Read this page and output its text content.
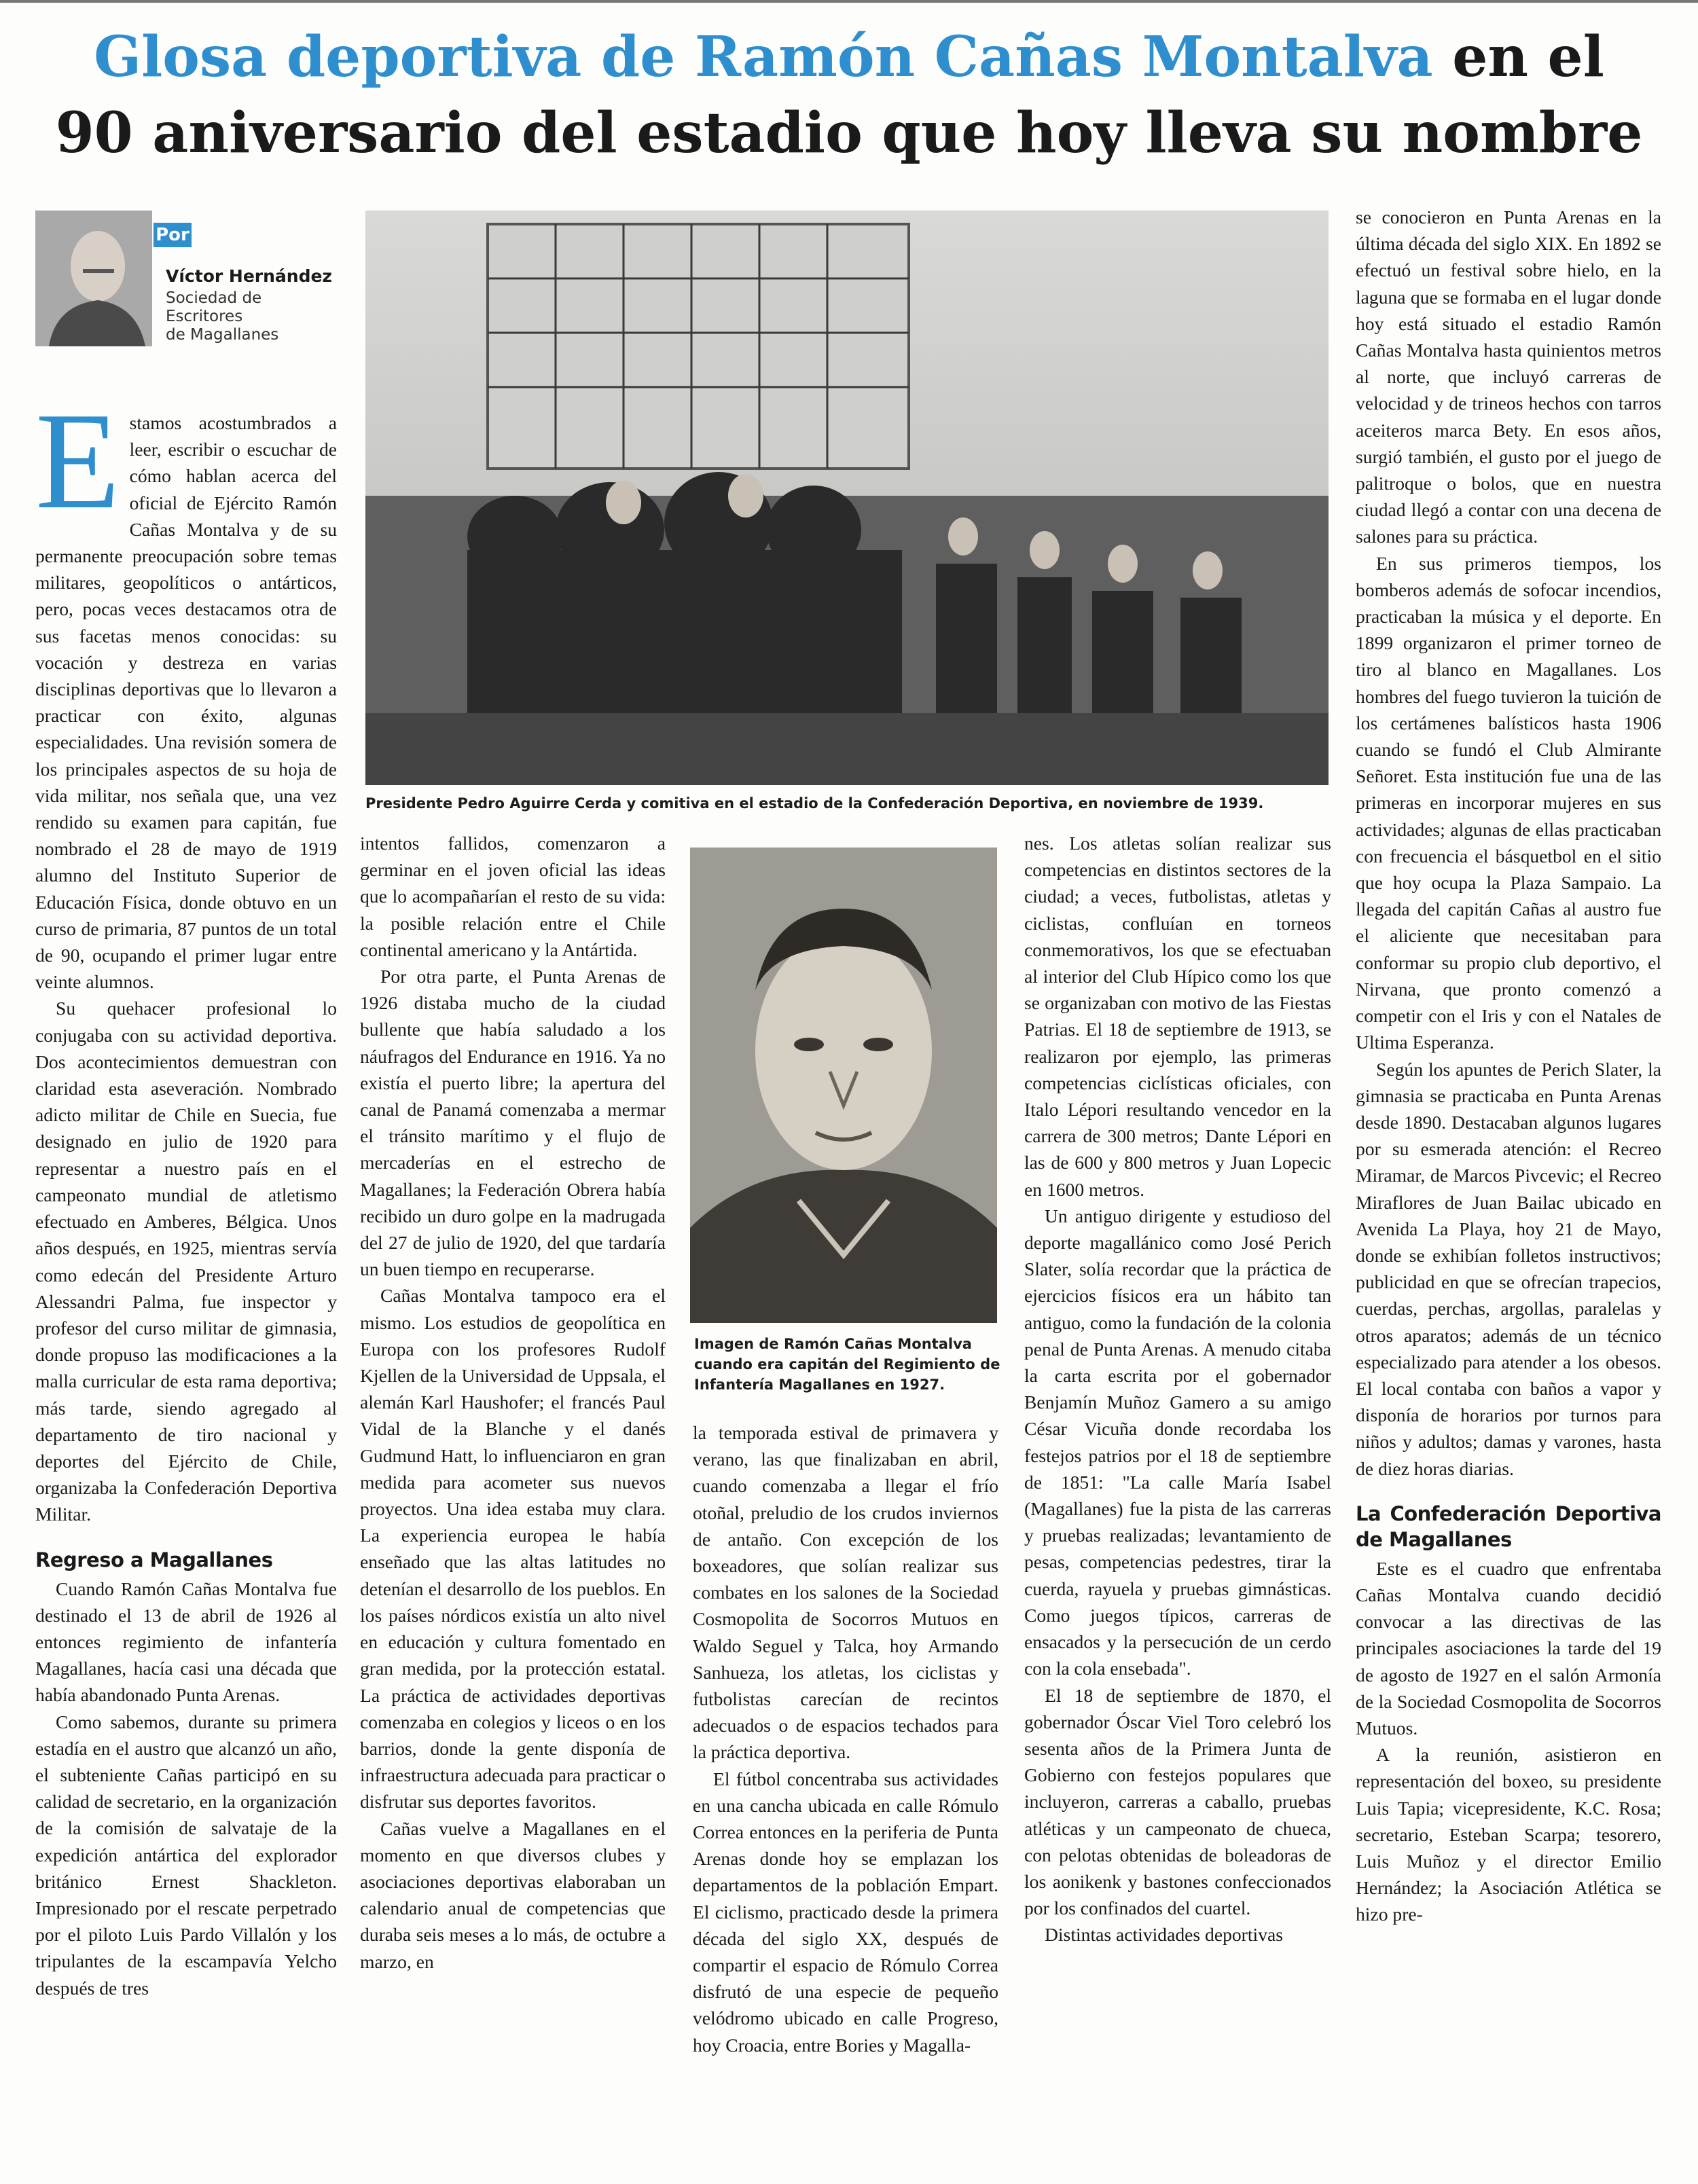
Glosa deportiva de Ramón Cañas Montalva en el
90 aniversario del estadio que hoy lleva su nombre
Por
Víctor Hernández
Sociedad de
Escritores
de Magallanes
Presidente Pedro Aguirre Cerda y comitiva en el estadio de la Confederación Deportiva, en noviembre de 1939.
Imagen de Ramón Cañas Montalva cuando era capitán del Regimiento de Infantería Magallanes en 1927.
E stamos acostumbrados a leer, escribir o escuchar de cómo hablan acerca del oficial de Ejército Ramón Cañas Montalva y de su permanente preocupación sobre temas militares, geopolíticos o antárticos, pero, pocas veces destacamos otra de sus facetas menos conocidas: su vocación y destreza en varias disciplinas deportivas que lo llevaron a practicar con éxito, algunas especialidades. Una revisión somera de los principales aspectos de su hoja de vida militar, nos señala que, una vez rendido su examen para capitán, fue nombrado el 28 de mayo de 1919 alumno del Instituto Superior de Educación Física, donde obtuvo en un curso de primaria, 87 puntos de un total de 90, ocupando el primer lugar entre veinte alumnos.

Su quehacer profesional lo conjugaba con su actividad deportiva. Dos acontecimientos demuestran con claridad esta aseveración. Nombrado adicto militar de Chile en Suecia, fue designado en julio de 1920 para representar a nuestro país en el campeonato mundial de atletismo efectuado en Amberes, Bélgica. Unos años después, en 1925, mientras servía como edecán del Presidente Arturo Alessandri Palma, fue inspector y profesor del curso militar de gimnasia, donde propuso las modificaciones a la malla curricular de esta rama deportiva; más tarde, siendo agregado al departamento de tiro nacional y deportes del Ejército de Chile, organizaba la Confederación Deportiva Militar.

Regreso a Magallanes

Cuando Ramón Cañas Montalva fue destinado el 13 de abril de 1926 al entonces regimiento de infantería Magallanes, hacía casi una década que había abandonado Punta Arenas.

Como sabemos, durante su primera estadía en el austro que alcanzó un año, el subteniente Cañas participó en su calidad de secretario, en la organización de la comisión de salvataje de la expedición antártica del explorador británico Ernest Shackleton. Impresionado por el rescate perpetrado por el piloto Luis Pardo Villalón y los tripulantes de la escampavía Yelcho después de tres

intentos fallidos, comenzaron a germinar en el joven oficial las ideas que lo acompañarían el resto de su vida: la posible relación entre el Chile continental americano y la Antártida.

Por otra parte, el Punta Arenas de 1926 distaba mucho de la ciudad bullente que había saludado a los náufragos del Endurance en 1916. Ya no existía el puerto libre; la apertura del canal de Panamá comenzaba a mermar el tránsito marítimo y el flujo de mercaderías en el estrecho de Magallanes; la Federación Obrera había recibido un duro golpe en la madrugada del 27 de julio de 1920, del que tardaría un buen tiempo en recuperarse.

Cañas Montalva tampoco era el mismo. Los estudios de geopolítica en Europa con los profesores Rudolf Kjellen de la Universidad de Uppsala, el alemán Karl Haushofer; el francés Paul Vidal de la Blanche y el danés Gudmund Hatt, lo influenciaron en gran medida para acometer sus nuevos proyectos. Una idea estaba muy clara. La experiencia europea le había enseñado que las altas latitudes no detenían el desarrollo de los pueblos. En los países nórdicos existía un alto nivel en educación y cultura fomentado en gran medida, por la protección estatal. La práctica de actividades deportivas comenzaba en colegios y liceos o en los barrios, donde la gente disponía de infraestructura adecuada para practicar o disfrutar sus deportes favoritos.

Cañas vuelve a Magallanes en el momento en que diversos clubes y asociaciones deportivas elaboraban un calendario anual de competencias que duraba seis meses a lo más, de octubre a marzo, en

la temporada estival de primavera y verano, las que finalizaban en abril, cuando comenzaba a llegar el frío otoñal, preludio de los crudos inviernos de antaño. Con excepción de los boxeadores, que solían realizar sus combates en los salones de la Sociedad Cosmopolita de Socorros Mutuos en Waldo Seguel y Talca, hoy Armando Sanhueza, los atletas, los ciclistas y futbolistas carecían de recintos adecuados o de espacios techados para la práctica deportiva.

El fútbol concentraba sus actividades en una cancha ubicada en calle Rómulo Correa entonces en la periferia de Punta Arenas donde hoy se emplazan los departamentos de la población Empart. El ciclismo, practicado desde la primera década del siglo XX, después de compartir el espacio de Rómulo Correa disfrutó de una especie de pequeño velódromo ubicado en calle Progreso, hoy Croacia, entre Bories y Magalla-

nes. Los atletas solían realizar sus competencias en distintos sectores de la ciudad; a veces, futbolistas, atletas y ciclistas, confluían en torneos conmemorativos, los que se efectuaban al interior del Club Hípico como los que se organizaban con motivo de las Fiestas Patrias. El 18 de septiembre de 1913, se realizaron por ejemplo, las primeras competencias ciclísticas oficiales, con Italo Lépori resultando vencedor en la carrera de 300 metros; Dante Lépori en las de 600 y 800 metros y Juan Lopecic en 1600 metros.

Un antiguo dirigente y estudioso del deporte magallánico como José Perich Slater, solía recordar que la práctica de ejercicios físicos era un hábito tan antiguo, como la fundación de la colonia penal de Punta Arenas. A menudo citaba la carta escrita por el gobernador Benjamín Muñoz Gamero a su amigo César Vicuña donde recordaba los festejos patrios por el 18 de septiembre de 1851: "La calle María Isabel (Magallanes) fue la pista de las carreras y pruebas realizadas; levantamiento de pesas, competencias pedestres, tirar la cuerda, rayuela y pruebas gimnásticas. Como juegos típicos, carreras de ensacados y la persecución de un cerdo con la cola ensebada".

El 18 de septiembre de 1870, el gobernador Óscar Viel Toro celebró los sesenta años de la Primera Junta de Gobierno con festejos populares que incluyeron, carreras a caballo, pruebas atléticas y un campeonato de chueca, con pelotas obtenidas de boleadoras de los aonikenk y bastones confeccionados por los confinados del cuartel.

Distintas actividades deportivas

se conocieron en Punta Arenas en la última década del siglo XIX. En 1892 se efectuó un festival sobre hielo, en la laguna que se formaba en el lugar donde hoy está situado el estadio Ramón Cañas Montalva hasta quinientos metros al norte, que incluyó carreras de velocidad y de trineos hechos con tarros aceiteros marca Bety. En esos años, surgió también, el gusto por el juego de palitroque o bolos, que en nuestra ciudad llegó a contar con una decena de salones para su práctica.

En sus primeros tiempos, los bomberos además de sofocar incendios, practicaban la música y el deporte. En 1899 organizaron el primer torneo de tiro al blanco en Magallanes. Los hombres del fuego tuvieron la tuición de los certámenes balísticos hasta 1906 cuando se fundó el Club Almirante Señoret. Esta institución fue una de las primeras en incorporar mujeres en sus actividades; algunas de ellas practicaban con frecuencia el básquetbol en el sitio que hoy ocupa la Plaza Sampaio. La llegada del capitán Cañas al austro fue el aliciente que necesitaban para conformar su propio club deportivo, el Nirvana, que pronto comenzó a competir con el Iris y con el Natales de Ultima Esperanza.

Según los apuntes de Perich Slater, la gimnasia se practicaba en Punta Arenas desde 1890. Destacaban algunos lugares por su esmerada atención: el Recreo Miramar, de Marcos Pivcevic; el Recreo Miraflores de Juan Bailac ubicado en Avenida La Playa, hoy 21 de Mayo, donde se exhibían folletos instructivos; publicidad en que se ofrecían trapecios, cuerdas, perchas, argollas, paralelas y otros aparatos; además de un técnico especializado para atender a los obesos. El local contaba con baños a vapor y disponía de horarios por turnos para niños y adultos; damas y varones, hasta de diez horas diarias.

La Confederación Deportiva de Magallanes

Este es el cuadro que enfrentaba Cañas Montalva cuando decidió convocar a las directivas de las principales asociaciones la tarde del 19 de agosto de 1927 en el salón Armonía de la Sociedad Cosmopolita de Socorros Mutuos.

A la reunión, asistieron en representación del boxeo, su presidente Luis Tapia; vicepresidente, K.C. Rosa; secretario, Esteban Scarpa; tesorero, Luis Muñoz y el director Emilio Hernández; la Asociación Atlética se hizo pre-
